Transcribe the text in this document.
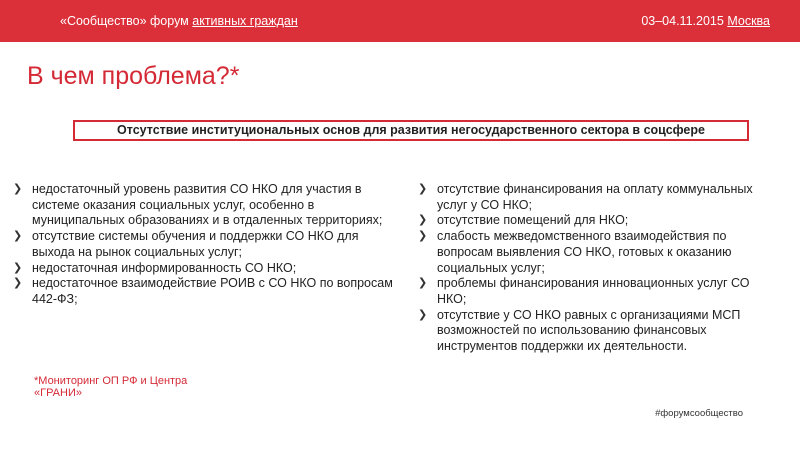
«Сообщество» форум активных граждан	03–04.11.2015 Москва
В чем проблема?*
Отсутствие институциональных основ для развития негосударственного сектора в соцсфере
❯ недостаточный уровень развития СО НКО для участия в системе оказания социальных услуг, особенно в муниципальных образованиях и в отдаленных территориях;
❯ отсутствие системы обучения и поддержки СО НКО для выхода на рынок социальных услуг;
❯ недостаточная информированность СО НКО;
❯ недостаточное взаимодействие РОИВ с СО НКО по вопросам 442-ФЗ;
❯ отсутствие финансирования на оплату коммунальных услуг у СО НКО;
❯ отсутствие помещений для НКО;
❯ слабость межведомственного взаимодействия по вопросам выявления СО НКО, готовых к оказанию социальных услуг;
❯ проблемы финансирования инновационных услуг СО НКО;
❯ отсутствие у СО НКО равных с организациями МСП возможностей по использованию финансовых инструментов поддержки их деятельности.
*Мониторинг ОП РФ и Центра
«ГРАНИ»
#форумсообщество
